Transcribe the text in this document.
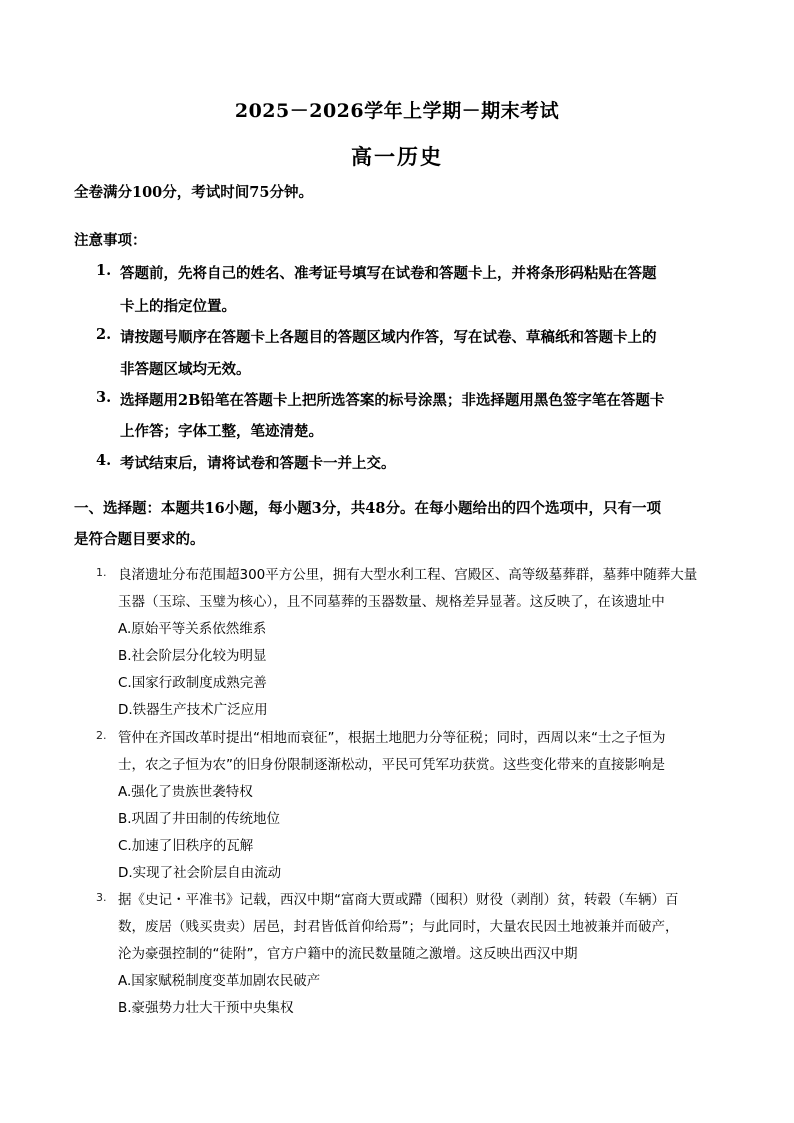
2025－2026学年上学期－期末考试
高一历史
全卷满分100分，考试时间75分钟。
注意事项：
1. 答题前，先将自己的姓名、准考证号填写在试卷和答题卡上，并将条形码粘贴在答题
卡上的指定位置。
2. 请按题号顺序在答题卡上各题目的答题区域内作答，写在试卷、草稿纸和答题卡上的
非答题区域均无效。
3. 选择题用2B铅笔在答题卡上把所选答案的标号涂黑；非选择题用黑色签字笔在答题卡
上作答；字体工整，笔迹清楚。
4. 考试结束后，请将试卷和答题卡一并上交。
一、选择题：本题共16小题，每小题3分，共48分。在每小题给出的四个选项中，只有一项
是符合题目要求的。
1. 良渚遗址分布范围超300平方公里，拥有大型水利工程、宫殿区、高等级墓葬群，墓葬中随葬大量
玉器（玉琮、玉璧为核心），且不同墓葬的玉器数量、规格差异显著。这反映了，在该遗址中
A.原始平等关系依然维系
B.社会阶层分化较为明显
C.国家行政制度成熟完善
D.铁器生产技术广泛应用
2. 管仲在齐国改革时提出“相地而衰征”，根据土地肥力分等征税；同时，西周以来“士之子恒为
士，农之子恒为农”的旧身份限制逐渐松动，平民可凭军功获赏。这些变化带来的直接影响是
A.强化了贵族世袭特权
B.巩固了井田制的传统地位
C.加速了旧秩序的瓦解
D.实现了社会阶层自由流动
3. 据《史记・平准书》记载，西汉中期“富商大贾或蹛（囤积）财役（剥削）贫，转毂（车辆）百
数，废居（贱买贵卖）居邑，封君皆低首仰给焉”；与此同时，大量农民因土地被兼并而破产，
沦为豪强控制的“徒附”，官方户籍中的流民数量随之激增。这反映出西汉中期
A.国家赋税制度变革加剧农民破产
B.豪强势力壮大干预中央集权
